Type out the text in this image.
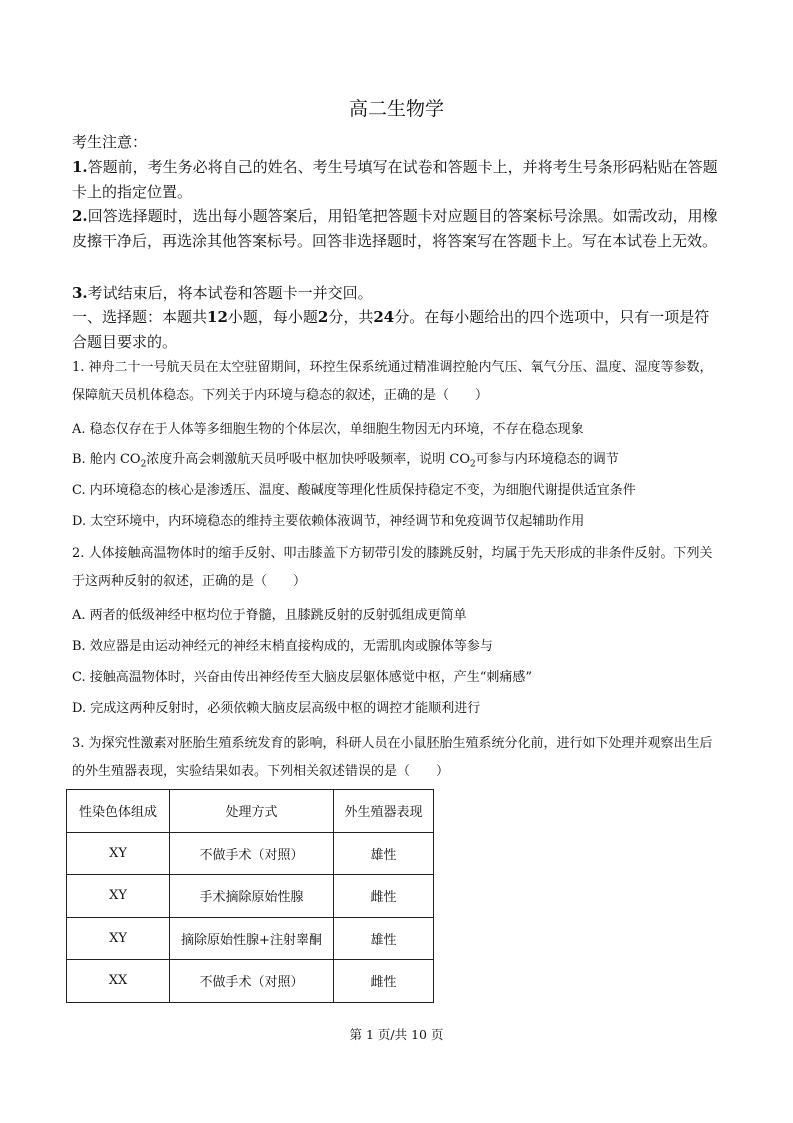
高二生物学
考生注意：
1.答题前，考生务必将自己的姓名、考生号填写在试卷和答题卡上，并将考生号条形码粘贴在答题卡上的指定位置。
2.回答选择题时，选出每小题答案后，用铅笔把答题卡对应题目的答案标号涂黑。如需改动，用橡皮擦干净后，再选涂其他答案标号。回答非选择题时，将答案写在答题卡上。写在本试卷上无效。
3.考试结束后，将本试卷和答题卡一并交回。
一、选择题：本题共12小题，每小题2分，共24分。在每小题给出的四个选项中，只有一项是符合题目要求的。
1. 神舟二十一号航天员在太空驻留期间，环控生保系统通过精准调控舱内气压、氧气分压、温度、湿度等参数，保障航天员机体稳态。下列关于内环境与稳态的叙述，正确的是（　　）
A. 稳态仅存在于人体等多细胞生物的个体层次，单细胞生物因无内环境，不存在稳态现象
B. 舱内 $CO_2$浓度升高会刺激航天员呼吸中枢加快呼吸频率，说明 $CO_2$可参与内环境稳态的调节
C. 内环境稳态的核心是渗透压、温度、酸碱度等理化性质保持稳定不变，为细胞代谢提供适宜条件
D. 太空环境中，内环境稳态的维持主要依赖体液调节，神经调节和免疫调节仅起辅助作用
2. 人体接触高温物体时的缩手反射、叩击膝盖下方韧带引发的膝跳反射，均属于先天形成的非条件反射。下列关于这两种反射的叙述，正确的是（　　）
A. 两者的低级神经中枢均位于脊髓，且膝跳反射的反射弧组成更简单
B. 效应器是由运动神经元的神经末梢直接构成的，无需肌肉或腺体等参与
C. 接触高温物体时，兴奋由传出神经传至大脑皮层躯体感觉中枢，产生“刺痛感”
D. 完成这两种反射时，必须依赖大脑皮层高级中枢的调控才能顺利进行
3. 为探究性激素对胚胎生殖系统发育的影响，科研人员在小鼠胚胎生殖系统分化前，进行如下处理并观察出生后的外生殖器表现，实验结果如表。下列相关叙述错误的是（　　）
性染色体组成	处理方式	外生殖器表现
XY	不做手术（对照）	雄性
XY	手术摘除原始性腺	雌性
XY	摘除原始性腺+注射睾酮	雄性
XX	不做手术（对照）	雌性
第 1 页/共 10 页
